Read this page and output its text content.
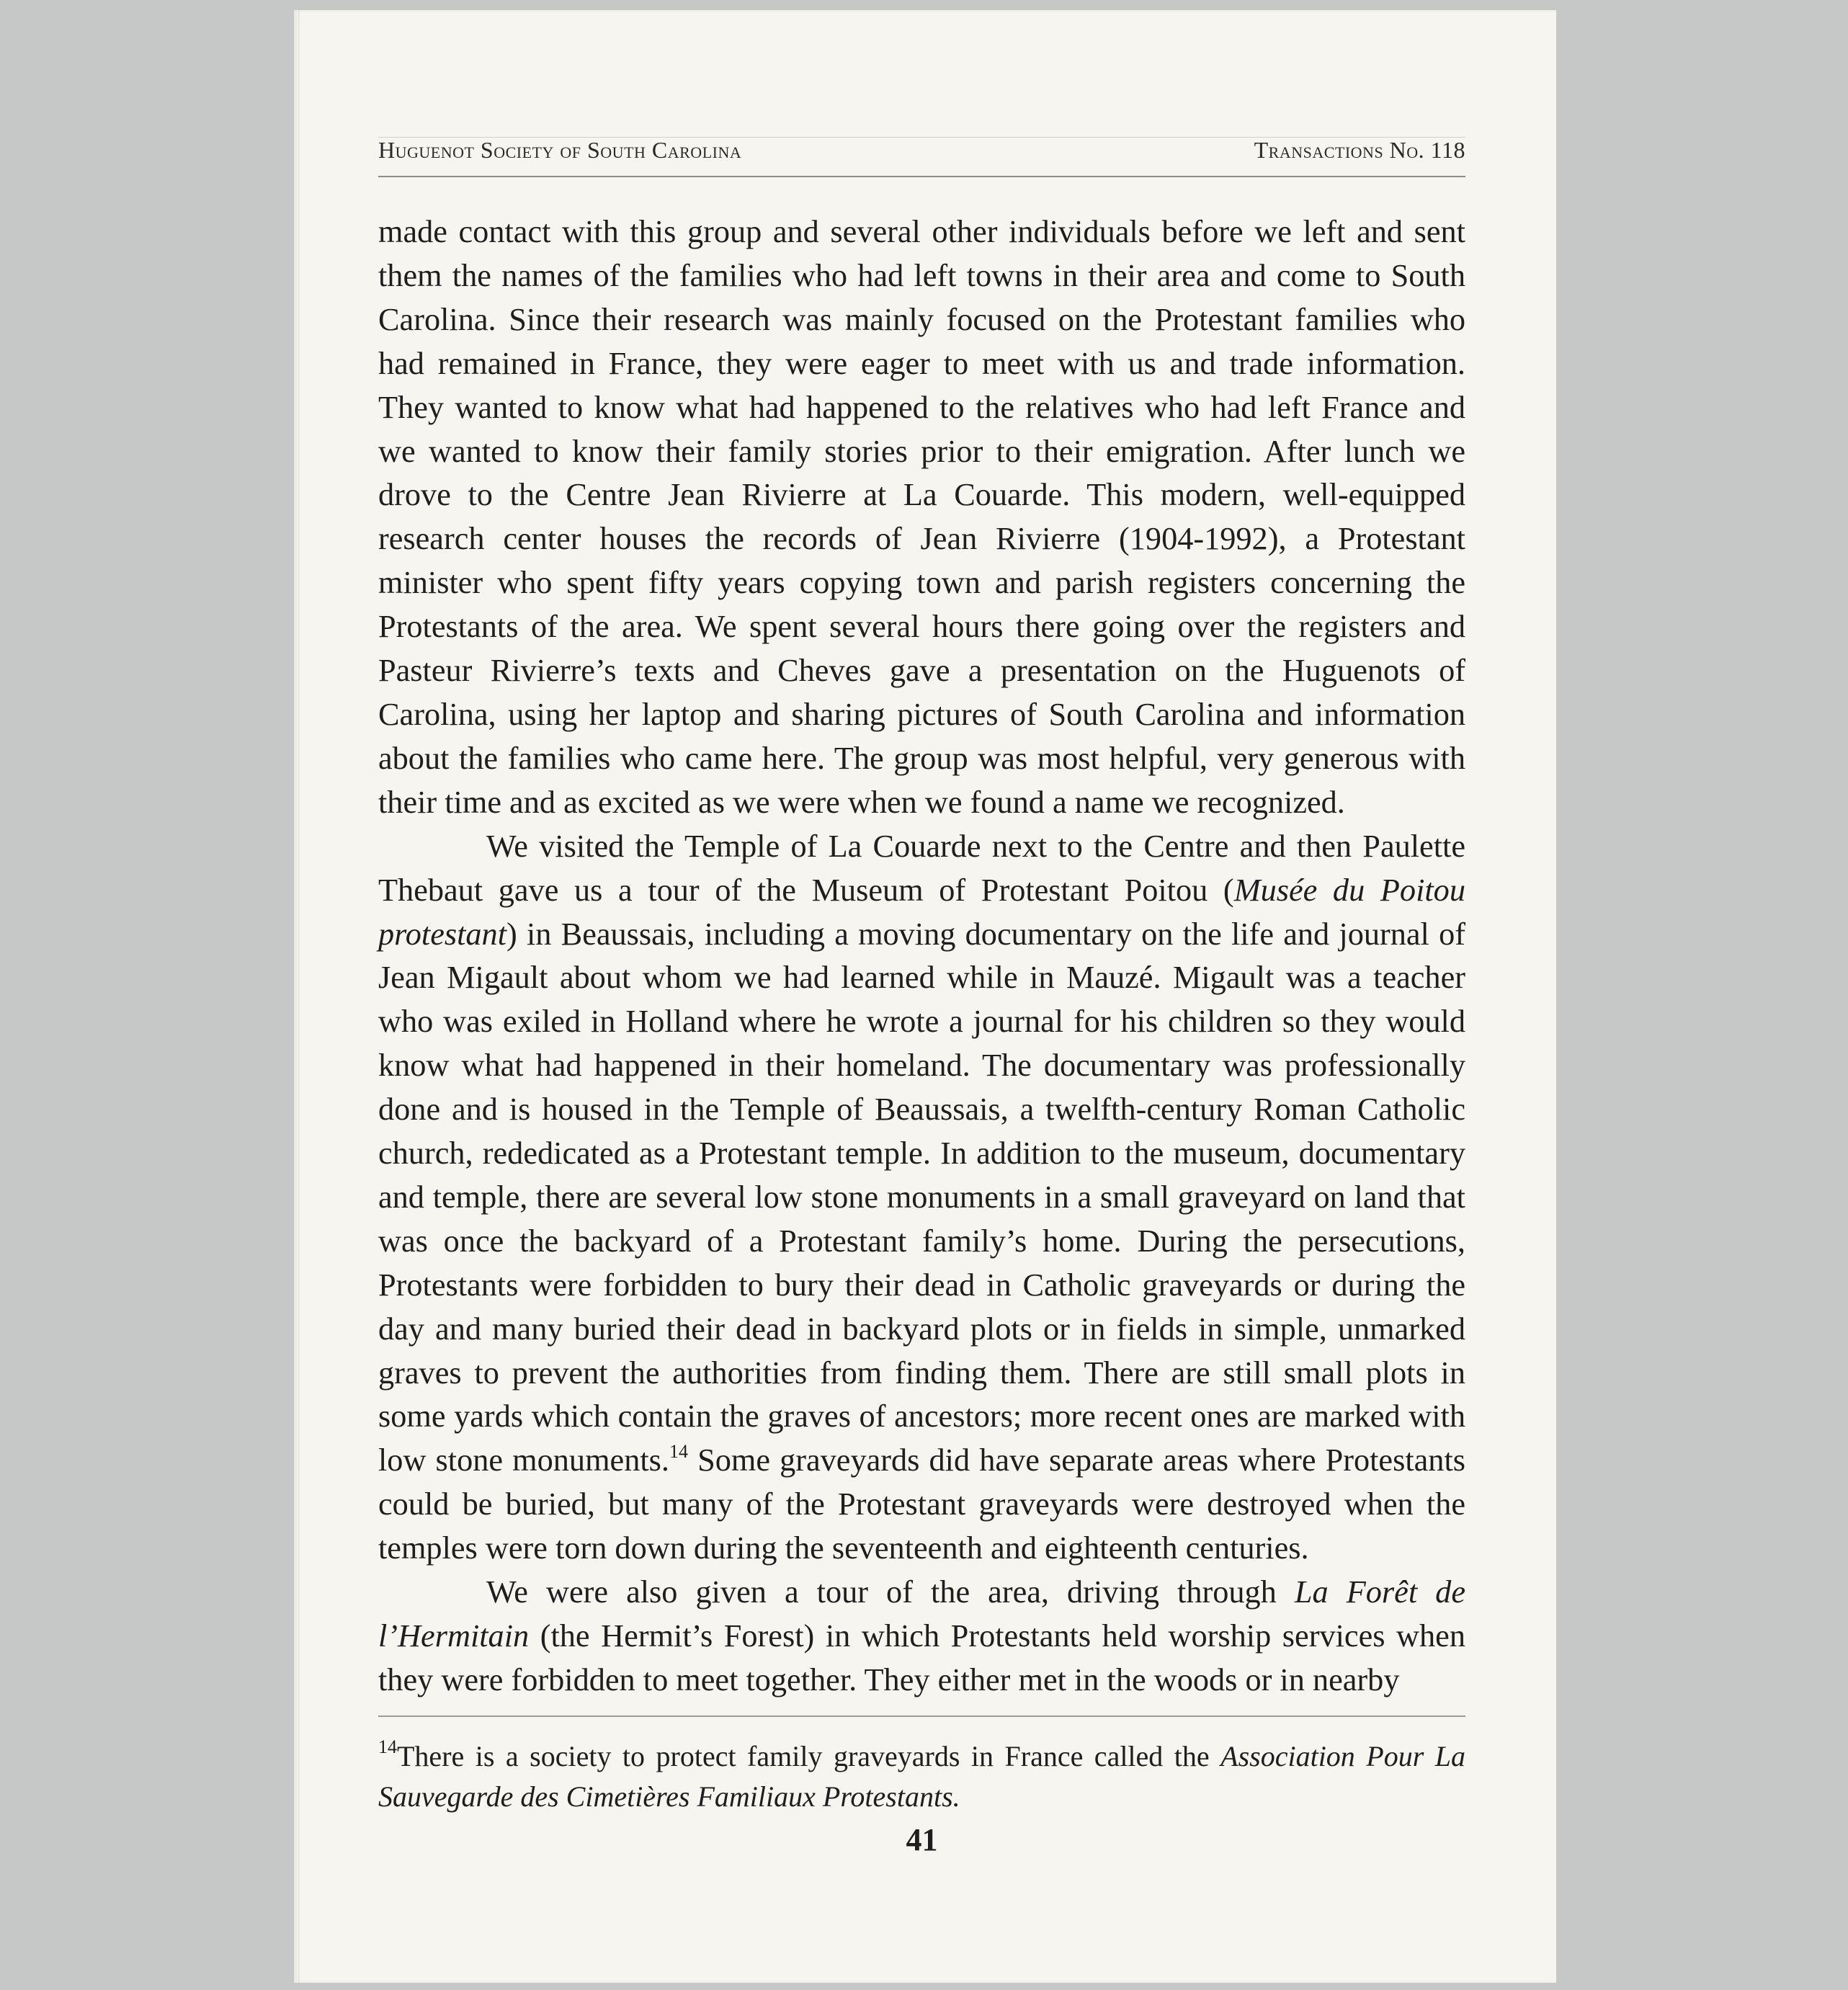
Huguenot Society of South Carolina	Transactions No. 118

made contact with this group and several other individuals before we left and sent them the names of the families who had left towns in their area and come to South Carolina. Since their research was mainly focused on the Protestant families who had remained in France, they were eager to meet with us and trade information. They wanted to know what had happened to the relatives who had left France and we wanted to know their family stories prior to their emigration. After lunch we drove to the Centre Jean Rivierre at La Couarde. This modern, well-equipped research center houses the records of Jean Rivierre (1904-1992), a Protestant minister who spent fifty years copying town and parish registers concerning the Protestants of the area. We spent several hours there going over the registers and Pasteur Rivierre’s texts and Cheves gave a presentation on the Huguenots of Carolina, using her laptop and sharing pictures of South Carolina and information about the families who came here. The group was most helpful, very generous with their time and as excited as we were when we found a name we recognized.

We visited the Temple of La Couarde next to the Centre and then Paulette Thebaut gave us a tour of the Museum of Protestant Poitou (Musée du Poitou protestant) in Beaussais, including a moving documentary on the life and journal of Jean Migault about whom we had learned while in Mauzé. Migault was a teacher who was exiled in Holland where he wrote a journal for his children so they would know what had happened in their homeland. The documentary was professionally done and is housed in the Temple of Beaussais, a twelfth-century Roman Catholic church, rededicated as a Protestant temple. In addition to the museum, documentary and temple, there are several low stone monuments in a small graveyard on land that was once the backyard of a Protestant family’s home. During the persecutions, Protestants were forbidden to bury their dead in Catholic graveyards or during the day and many buried their dead in backyard plots or in fields in simple, unmarked graves to prevent the authorities from finding them. There are still small plots in some yards which contain the graves of ancestors; more recent ones are marked with low stone monuments.$^{14}$ Some graveyards did have separate areas where Protestants could be buried, but many of the Protestant graveyards were destroyed when the temples were torn down during the seventeenth and eighteenth centuries.

We were also given a tour of the area, driving through La Forêt de l’Hermitain (the Hermit’s Forest) in which Protestants held worship services when they were forbidden to meet together. They either met in the woods or in nearby

$^{14}$There is a society to protect family graveyards in France called the Association Pour La Sauvegarde des Cimetières Familiaux Protestants.

41
